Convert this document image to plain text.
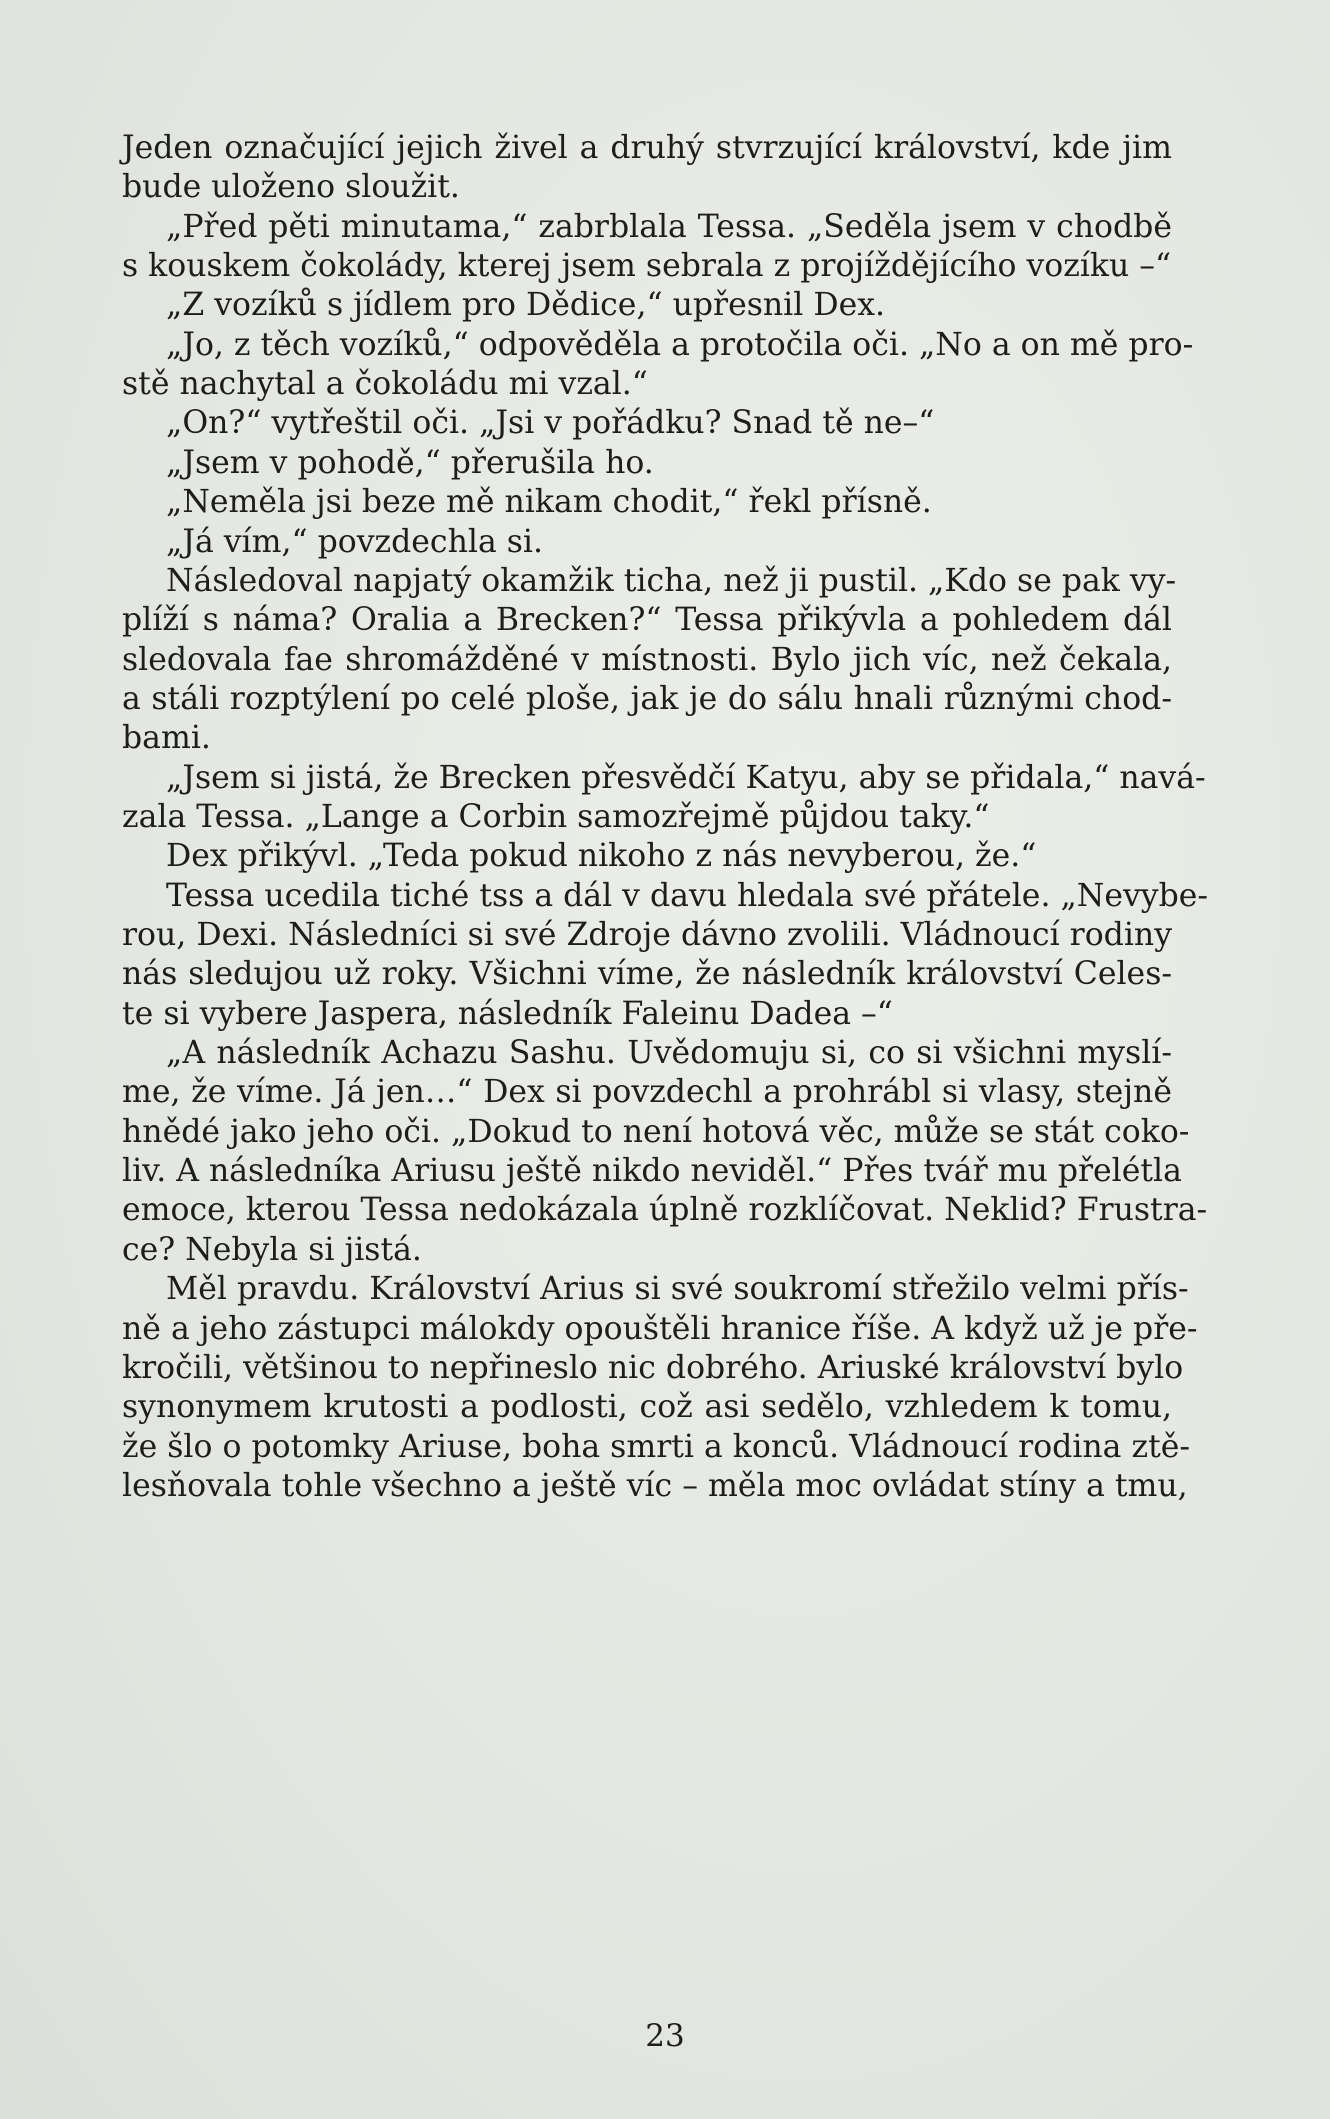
Jeden označující jejich živel a druhý stvrzující království, kde jim
bude uloženo sloužit.
„Před pěti minutama,“ zabrblala Tessa. „Seděla jsem v chodbě
s kouskem čokolády, kterej jsem sebrala z projíždějícího vozíku –“
„Z vozíků s jídlem pro Dědice,“ upřesnil Dex.
„Jo, z těch vozíků,“ odpověděla a protočila oči. „No a on mě pro-
stě nachytal a čokoládu mi vzal.“
„On?“ vytřeštil oči. „Jsi v pořádku? Snad tě ne–“
„Jsem v pohodě,“ přerušila ho.
„Neměla jsi beze mě nikam chodit,“ řekl přísně.
„Já vím,“ povzdechla si.
Následoval napjatý okamžik ticha, než ji pustil. „Kdo se pak vy-
plíží s náma? Oralia a Brecken?“ Tessa přikývla a pohledem dál
sledovala fae shromážděné v místnosti. Bylo jich víc, než čekala,
a stáli rozptýlení po celé ploše, jak je do sálu hnali různými chod-
bami.
„Jsem si jistá, že Brecken přesvědčí Katyu, aby se přidala,“ navá-
zala Tessa. „Lange a Corbin samozřejmě půjdou taky.“
Dex přikývl. „Teda pokud nikoho z nás nevyberou, že.“
Tessa ucedila tiché tss a dál v davu hledala své přátele. „Nevybe-
rou, Dexi. Následníci si své Zdroje dávno zvolili. Vládnoucí rodiny
nás sledujou už roky. Všichni víme, že následník království Celes-
te si vybere Jaspera, následník Faleinu Dadea –“
„A následník Achazu Sashu. Uvědomuju si, co si všichni myslí-
me, že víme. Já jen…“ Dex si povzdechl a prohrábl si vlasy, stejně
hnědé jako jeho oči. „Dokud to není hotová věc, může se stát coko-
liv. A následníka Ariusu ještě nikdo neviděl.“ Přes tvář mu přelétla
emoce, kterou Tessa nedokázala úplně rozklíčovat. Neklid? Frustra-
ce? Nebyla si jistá.
Měl pravdu. Království Arius si své soukromí střežilo velmi přís-
ně a jeho zástupci málokdy opouštěli hranice říše. A když už je pře-
kročili, většinou to nepřineslo nic dobrého. Ariuské království bylo
synonymem krutosti a podlosti, což asi sedělo, vzhledem k tomu,
že šlo o potomky Ariuse, boha smrti a konců. Vládnoucí rodina ztě-
lesňovala tohle všechno a ještě víc – měla moc ovládat stíny a tmu,
23
